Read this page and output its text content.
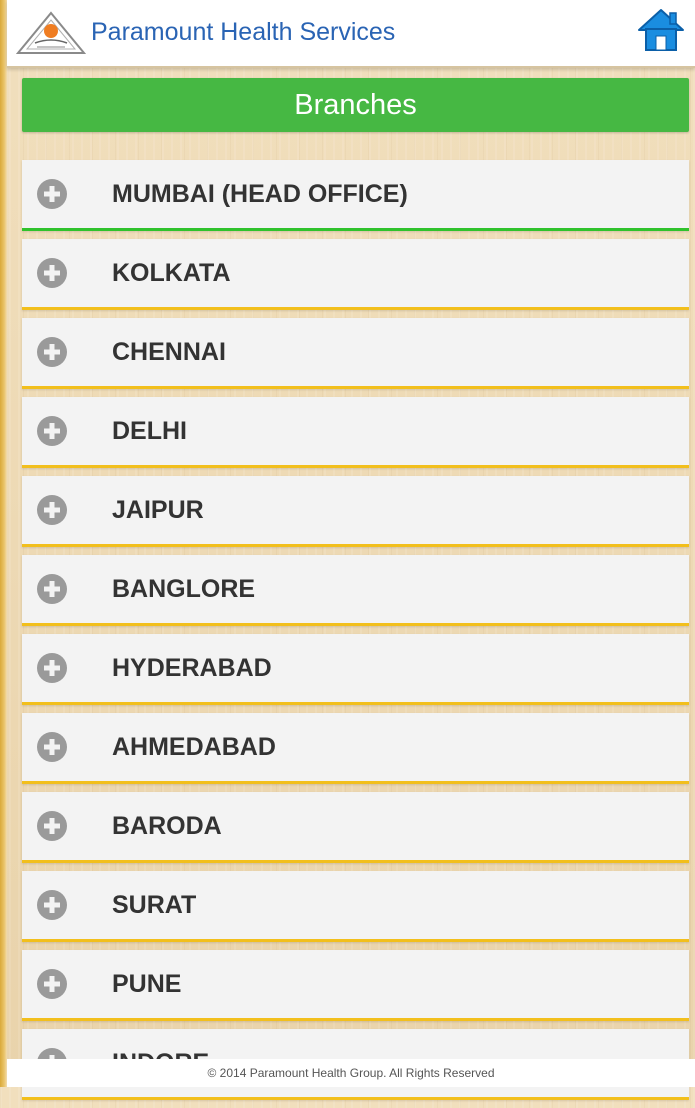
Paramount Health Services
Branches
MUMBAI (HEAD OFFICE)
KOLKATA
CHENNAI
DELHI
JAIPUR
BANGLORE
HYDERABAD
AHMEDABAD
BARODA
SURAT
PUNE
© 2014 Paramount Health Group. All Rights Reserved
